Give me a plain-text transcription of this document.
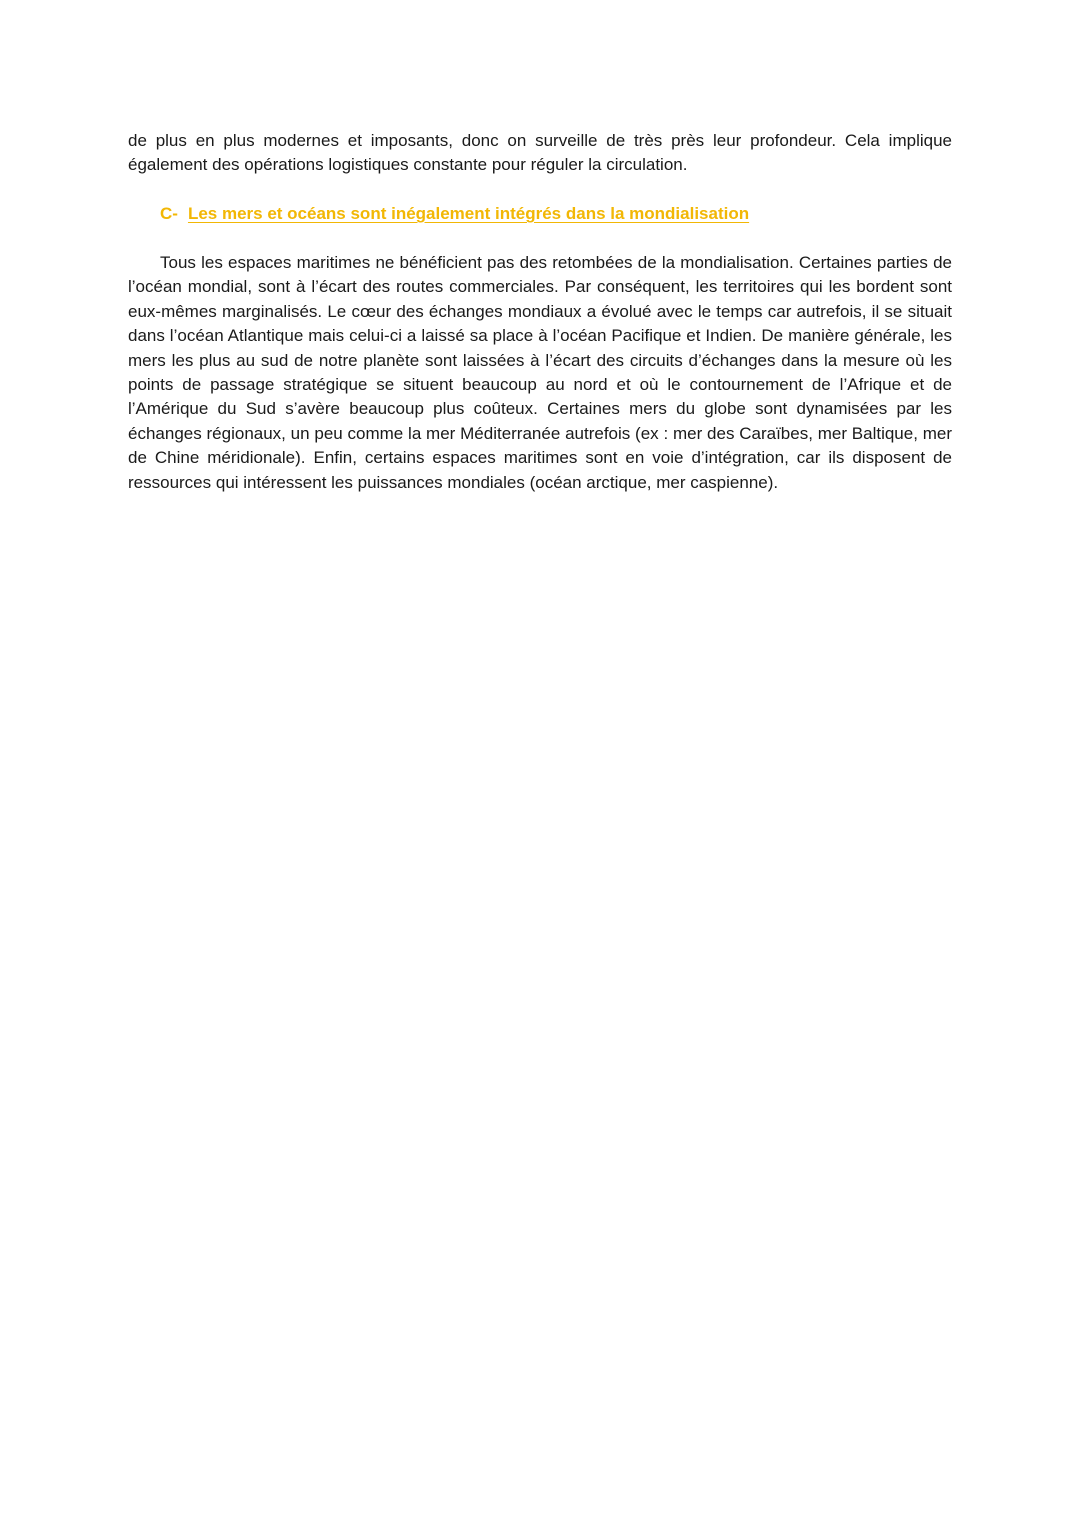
de plus en plus modernes et imposants, donc on surveille de très près leur profondeur. Cela implique également des opérations logistiques constante pour réguler la circulation.

C- Les mers et océans sont inégalement intégrés dans la mondialisation

Tous les espaces maritimes ne bénéficient pas des retombées de la mondialisation. Certaines parties de l’océan mondial, sont à l’écart des routes commerciales. Par conséquent, les territoires qui les bordent sont eux-mêmes marginalisés. Le cœur des échanges mondiaux a évolué avec le temps car autrefois, il se situait dans l’océan Atlantique mais celui-ci a laissé sa place à l’océan Pacifique et Indien. De manière générale, les mers les plus au sud de notre planète sont laissées à l’écart des circuits d’échanges dans la mesure où les points de passage stratégique se situent beaucoup au nord et où le contournement de l’Afrique et de l’Amérique du Sud s’avère beaucoup plus coûteux. Certaines mers du globe sont dynamisées par les échanges régionaux, un peu comme la mer Méditerranée autrefois (ex : mer des Caraïbes, mer Baltique, mer de Chine méridionale). Enfin, certains espaces maritimes sont en voie d’intégration, car ils disposent de ressources qui intéressent les puissances mondiales (océan arctique, mer caspienne).
